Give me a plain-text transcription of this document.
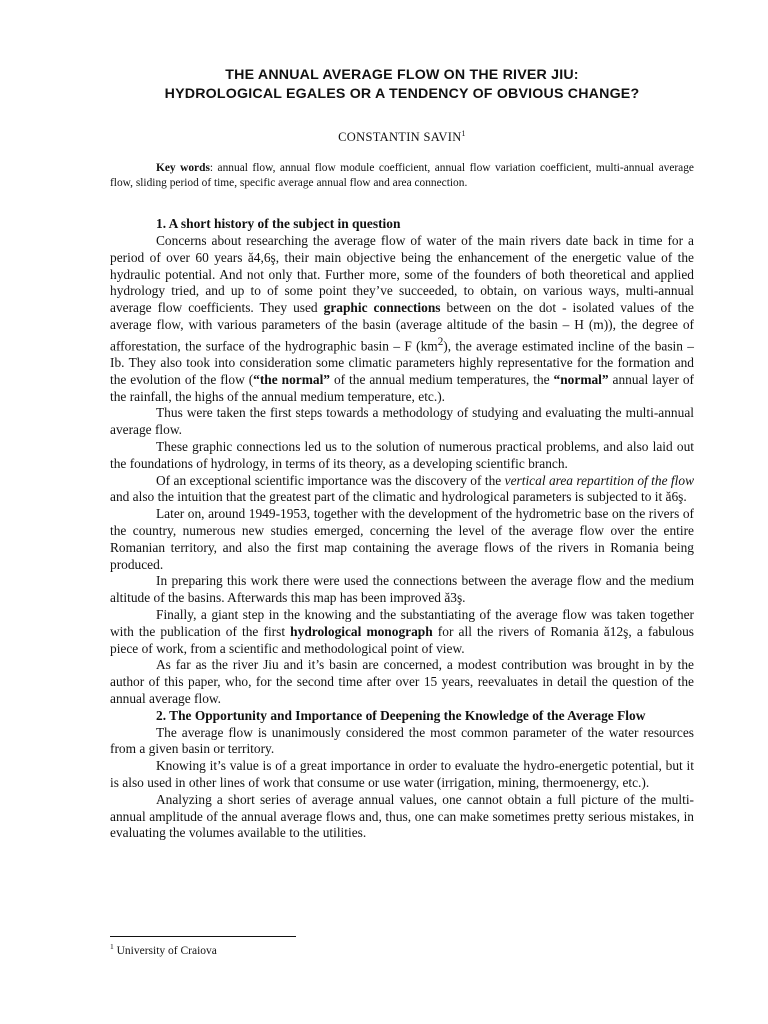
THE ANNUAL AVERAGE FLOW ON THE RIVER JIU:
HYDROLOGICAL EGALES OR A TENDENCY OF OBVIOUS CHANGE?
CONSTANTIN SAVIN$^1$
Key words: annual flow, annual flow module coefficient, annual flow variation coefficient, multi-annual average flow, sliding period of time, specific average annual flow and area connection.
1. A short history of the subject in question

Concerns about researching the average flow of water of the main rivers date back in time for a period of over 60 years ă4,6ş, their main objective being the enhancement of the energetic value of the hydraulic potential. And not only that. Further more, some of the founders of both theoretical and applied hydrology tried, and up to of some point they’ve succeeded, to obtain, on various ways, multi-annual average flow coefficients. They used graphic connections between on the dot - isolated values of the average flow, with various parameters of the basin (average altitude of the basin – H (m)), the degree of afforestation, the surface of the hydrographic basin – F $(km^2)$, the average estimated incline of the basin – Ib. They also took into consideration some climatic parameters highly representative for the formation and the evolution of the flow (“the normal” of the annual medium temperatures, the “normal” annual layer of the rainfall, the highs of the annual medium temperature, etc.).

Thus were taken the first steps towards a methodology of studying and evaluating the multi-annual average flow.

These graphic connections led us to the solution of numerous practical problems, and also laid out the foundations of hydrology, in terms of its theory, as a developing scientific branch.

Of an exceptional scientific importance was the discovery of the vertical area repartition of the flow and also the intuition that the greatest part of the climatic and hydrological parameters is subjected to it ă6ş.

Later on, around 1949-1953, together with the development of the hydrometric base on the rivers of the country, numerous new studies emerged, concerning the level of the average flow over the entire Romanian territory, and also the first map containing the average flows of the rivers in Romania being produced.

In preparing this work there were used the connections between the average flow and the medium altitude of the basins. Afterwards this map has been improved ă3ş.

Finally, a giant step in the knowing and the substantiating of the average flow was taken together with the publication of the first hydrological monograph for all the rivers of Romania ă12ş, a fabulous piece of work, from a scientific and methodological point of view.

As far as the river Jiu and it’s basin are concerned, a modest contribution was brought in by the author of this paper, who, for the second time after over 15 years, reevaluates in detail the question of the annual average flow.

2. The Opportunity and Importance of Deepening the Knowledge of the Average Flow

The average flow is unanimously considered the most common parameter of the water resources from a given basin or territory.

Knowing it’s value is of a great importance in order to evaluate the hydro-energetic potential, but it is also used in other lines of work that consume or use water (irrigation, mining, thermoenergy, etc.).

Analyzing a short series of average annual values, one cannot obtain a full picture of the multi-annual amplitude of the annual average flows and, thus, one can make sometimes pretty serious mistakes, in evaluating the volumes available to the utilities.

$^1$ University of Craiova
